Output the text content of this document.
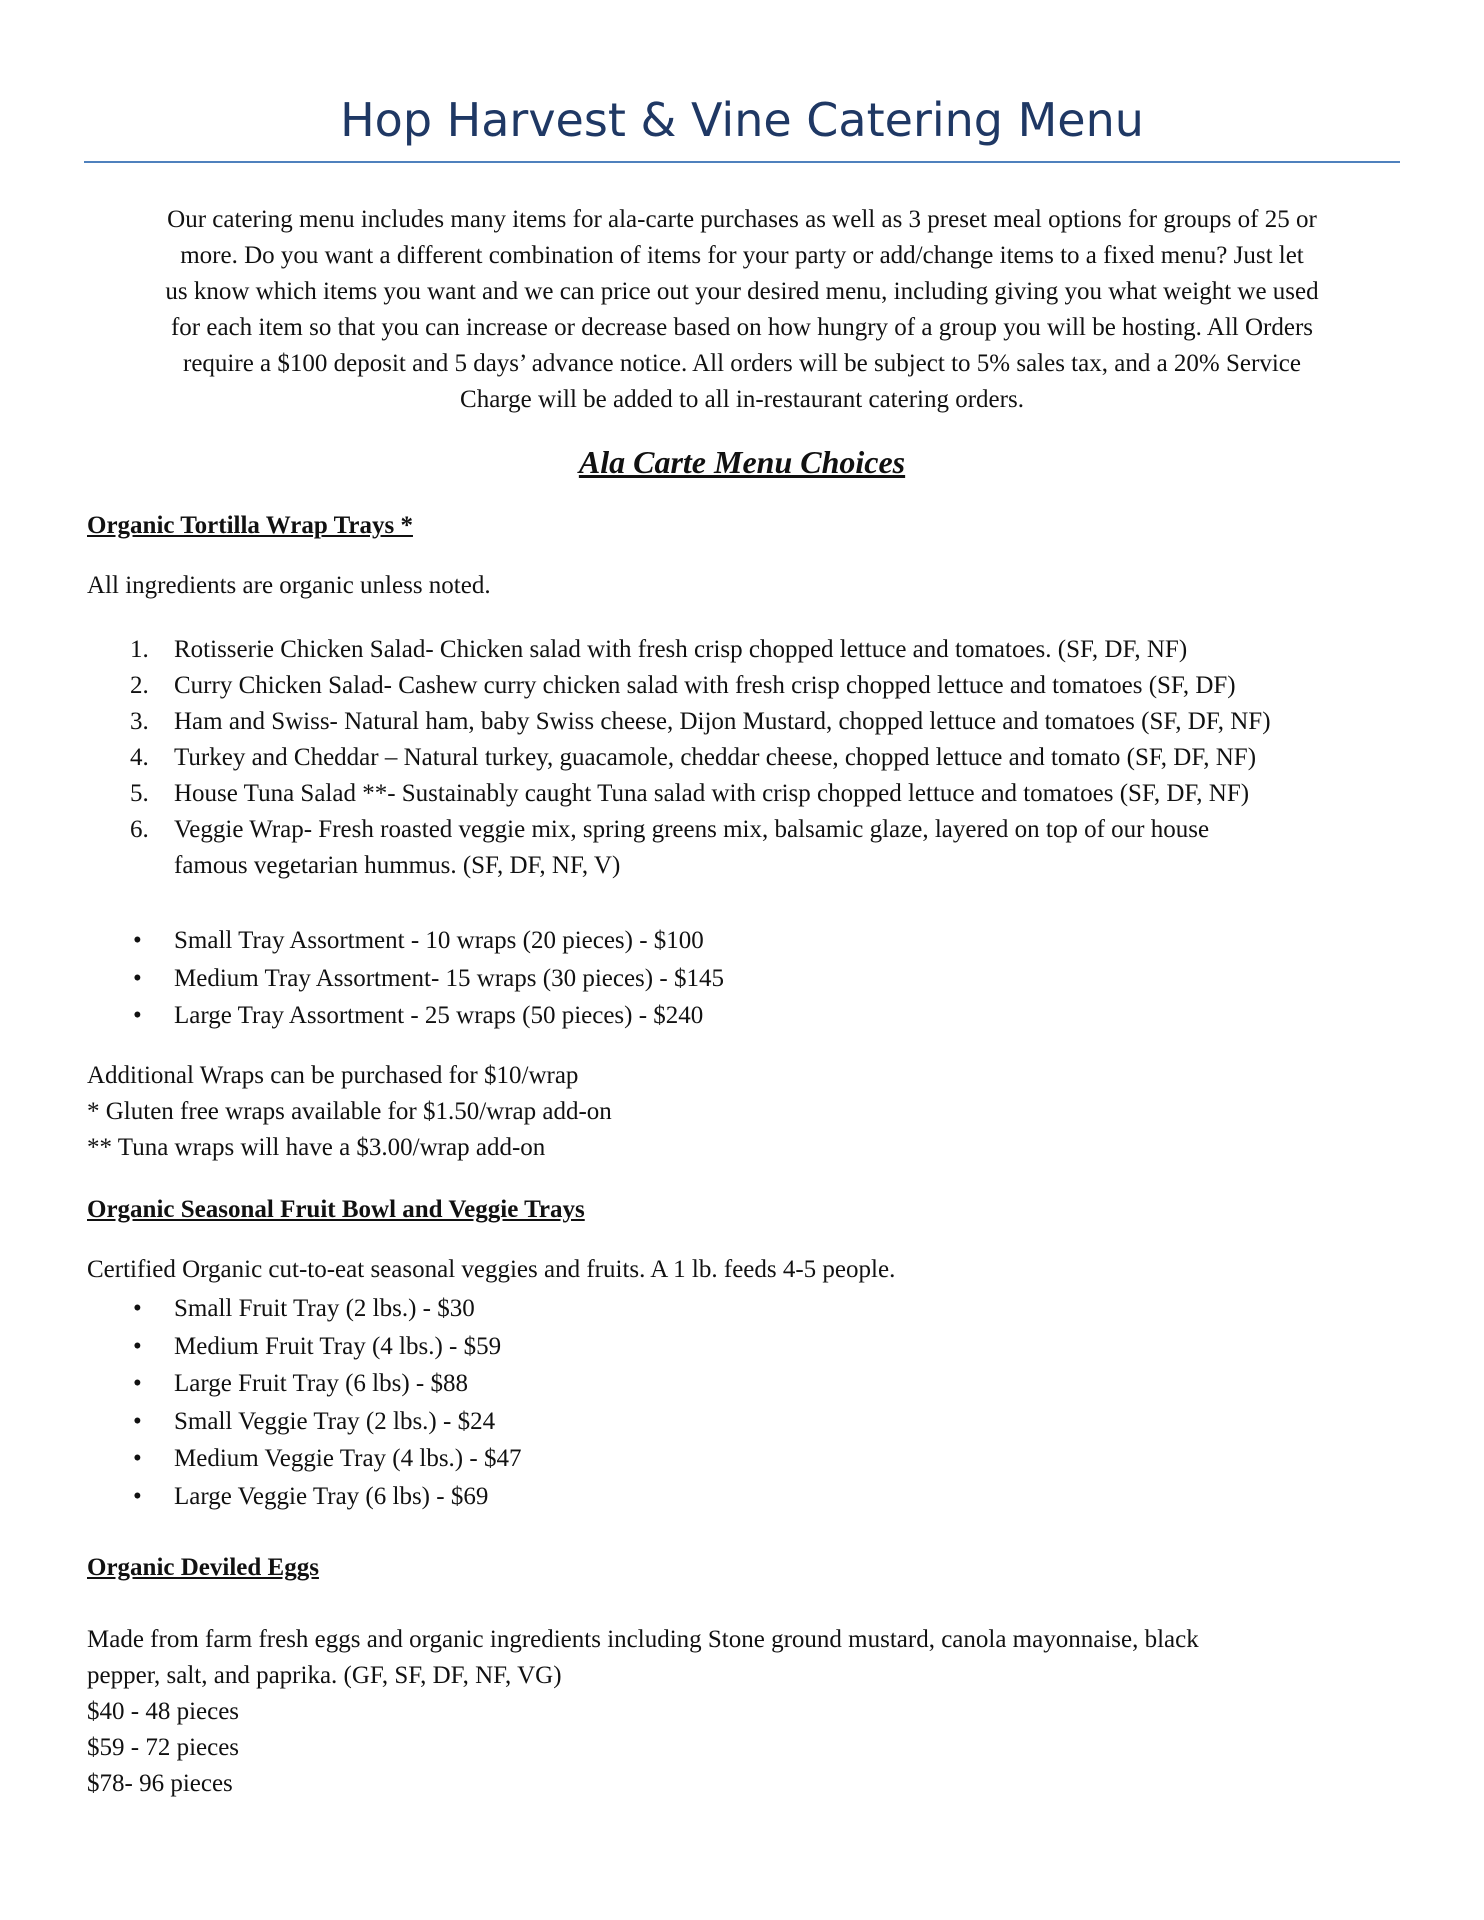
Hop Harvest & Vine Catering Menu

Our catering menu includes many items for ala-carte purchases as well as 3 preset meal options for groups of 25 or
more. Do you want a different combination of items for your party or add/change items to a fixed menu? Just let
us know which items you want and we can price out your desired menu, including giving you what weight we used
for each item so that you can increase or decrease based on how hungry of a group you will be hosting. All Orders
require a $100 deposit and 5 days’ advance notice. All orders will be subject to 5% sales tax, and a 20% Service
Charge will be added to all in-restaurant catering orders.

Ala Carte Menu Choices

Organic Tortilla Wrap Trays *

All ingredients are organic unless noted.

1. Rotisserie Chicken Salad- Chicken salad with fresh crisp chopped lettuce and tomatoes. (SF, DF, NF)
2. Curry Chicken Salad- Cashew curry chicken salad with fresh crisp chopped lettuce and tomatoes (SF, DF)
3. Ham and Swiss- Natural ham, baby Swiss cheese, Dijon Mustard, chopped lettuce and tomatoes (SF, DF, NF)
4. Turkey and Cheddar – Natural turkey, guacamole, cheddar cheese, chopped lettuce and tomato (SF, DF, NF)
5. House Tuna Salad **- Sustainably caught Tuna salad with crisp chopped lettuce and tomatoes (SF, DF, NF)
6. Veggie Wrap- Fresh roasted veggie mix, spring greens mix, balsamic glaze, layered on top of our house
famous vegetarian hummus. (SF, DF, NF, V)
• Small Tray Assortment - 10 wraps (20 pieces) - $100
• Medium Tray Assortment- 15 wraps (30 pieces) - $145
• Large Tray Assortment - 25 wraps (50 pieces) - $240

Additional Wraps can be purchased for $10/wrap
* Gluten free wraps available for $1.50/wrap add-on
** Tuna wraps will have a $3.00/wrap add-on

Organic Seasonal Fruit Bowl and Veggie Trays

Certified Organic cut-to-eat seasonal veggies and fruits. A 1 lb. feeds 4-5 people.

• Small Fruit Tray (2 lbs.) - $30
• Medium Fruit Tray (4 lbs.) - $59
• Large Fruit Tray (6 lbs) - $88
• Small Veggie Tray (2 lbs.) - $24
• Medium Veggie Tray (4 lbs.) - $47
• Large Veggie Tray (6 lbs) - $69

Organic Deviled Eggs

Made from farm fresh eggs and organic ingredients including Stone ground mustard, canola mayonnaise, black
pepper, salt, and paprika. (GF, SF, DF, NF, VG)
$40 - 48 pieces
$59 - 72 pieces
$78- 96 pieces
